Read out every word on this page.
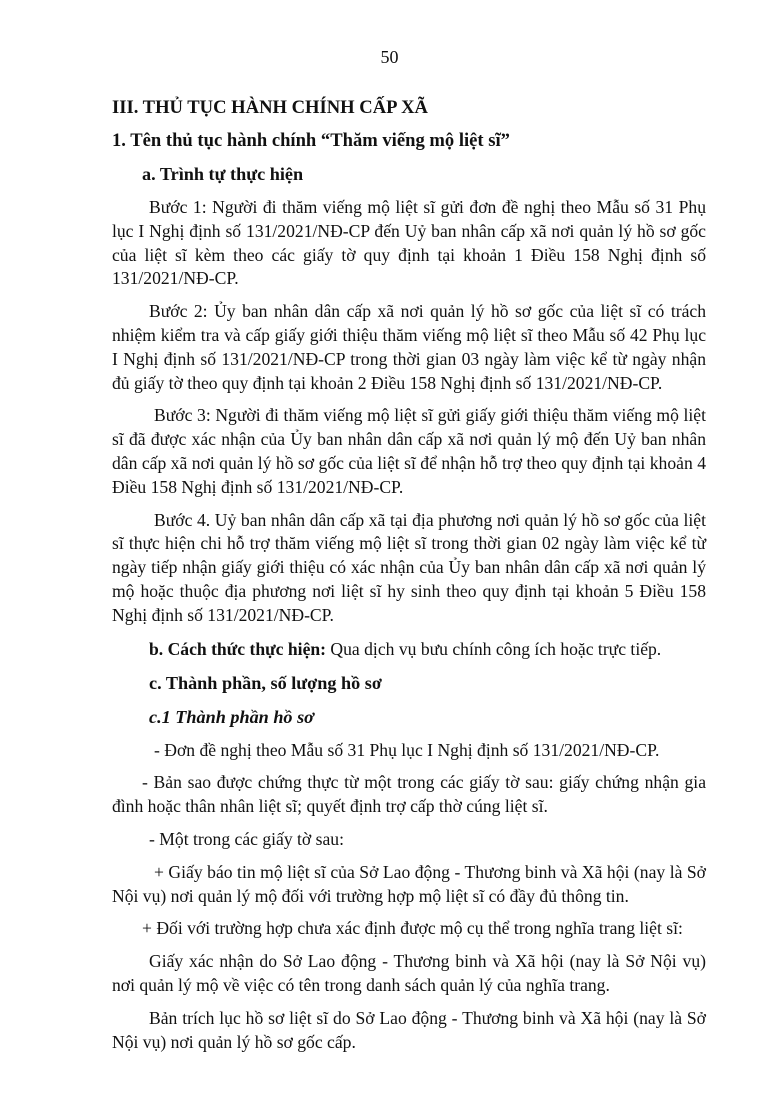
50
III. THỦ TỤC HÀNH CHÍNH CẤP XÃ
1. Tên thủ tục hành chính “Thăm viếng mộ liệt sĩ”
a. Trình tự thực hiện

Bước 1: Người đi thăm viếng mộ liệt sĩ gửi đơn đề nghị theo Mẫu số 31 Phụ lục I Nghị định số 131/2021/NĐ-CP đến Uỷ ban nhân cấp xã nơi quản lý hồ sơ gốc của liệt sĩ kèm theo các giấy tờ quy định tại khoản 1 Điều 158 Nghị định số 131/2021/NĐ-CP.

Bước 2: Ủy ban nhân dân cấp xã nơi quản lý hồ sơ gốc của liệt sĩ có trách nhiệm kiểm tra và cấp giấy giới thiệu thăm viếng mộ liệt sĩ theo Mẫu số 42 Phụ lục I Nghị định số 131/2021/NĐ-CP trong thời gian 03 ngày làm việc kể từ ngày nhận đủ giấy tờ theo quy định tại khoản 2 Điều 158 Nghị định số 131/2021/NĐ-CP.

Bước 3: Người đi thăm viếng mộ liệt sĩ gửi giấy giới thiệu thăm viếng mộ liệt sĩ đã được xác nhận của Ủy ban nhân dân cấp xã nơi quản lý mộ đến Uỷ ban nhân dân cấp xã nơi quản lý hồ sơ gốc của liệt sĩ để nhận hỗ trợ theo quy định tại khoản 4 Điều 158 Nghị định số 131/2021/NĐ-CP.

Bước 4. Uỷ ban nhân dân cấp xã tại địa phương nơi quản lý hồ sơ gốc của liệt sĩ thực hiện chi hỗ trợ thăm viếng mộ liệt sĩ trong thời gian 02 ngày làm việc kể từ ngày tiếp nhận giấy giới thiệu có xác nhận của Ủy ban nhân dân cấp xã nơi quản lý mộ hoặc thuộc địa phương nơi liệt sĩ hy sinh theo quy định tại khoản 5 Điều 158 Nghị định số 131/2021/NĐ-CP.

b. Cách thức thực hiện: Qua dịch vụ bưu chính công ích hoặc trực tiếp.
c. Thành phần, số lượng hồ sơ
c.1 Thành phần hồ sơ

- Đơn đề nghị theo Mẫu số 31 Phụ lục I Nghị định số 131/2021/NĐ-CP.

- Bản sao được chứng thực từ một trong các giấy tờ sau: giấy chứng nhận gia đình hoặc thân nhân liệt sĩ; quyết định trợ cấp thờ cúng liệt sĩ.

- Một trong các giấy tờ sau:

+ Giấy báo tin mộ liệt sĩ của Sở Lao động - Thương binh và Xã hội (nay là Sở Nội vụ) nơi quản lý mộ đối với trường hợp mộ liệt sĩ có đầy đủ thông tin.

+ Đối với trường hợp chưa xác định được mộ cụ thể trong nghĩa trang liệt sĩ:

Giấy xác nhận do Sở Lao động - Thương binh và Xã hội (nay là Sở Nội vụ) nơi quản lý mộ về việc có tên trong danh sách quản lý của nghĩa trang.

Bản trích lục hồ sơ liệt sĩ do Sở Lao động - Thương binh và Xã hội (nay là Sở Nội vụ) nơi quản lý hồ sơ gốc cấp.
